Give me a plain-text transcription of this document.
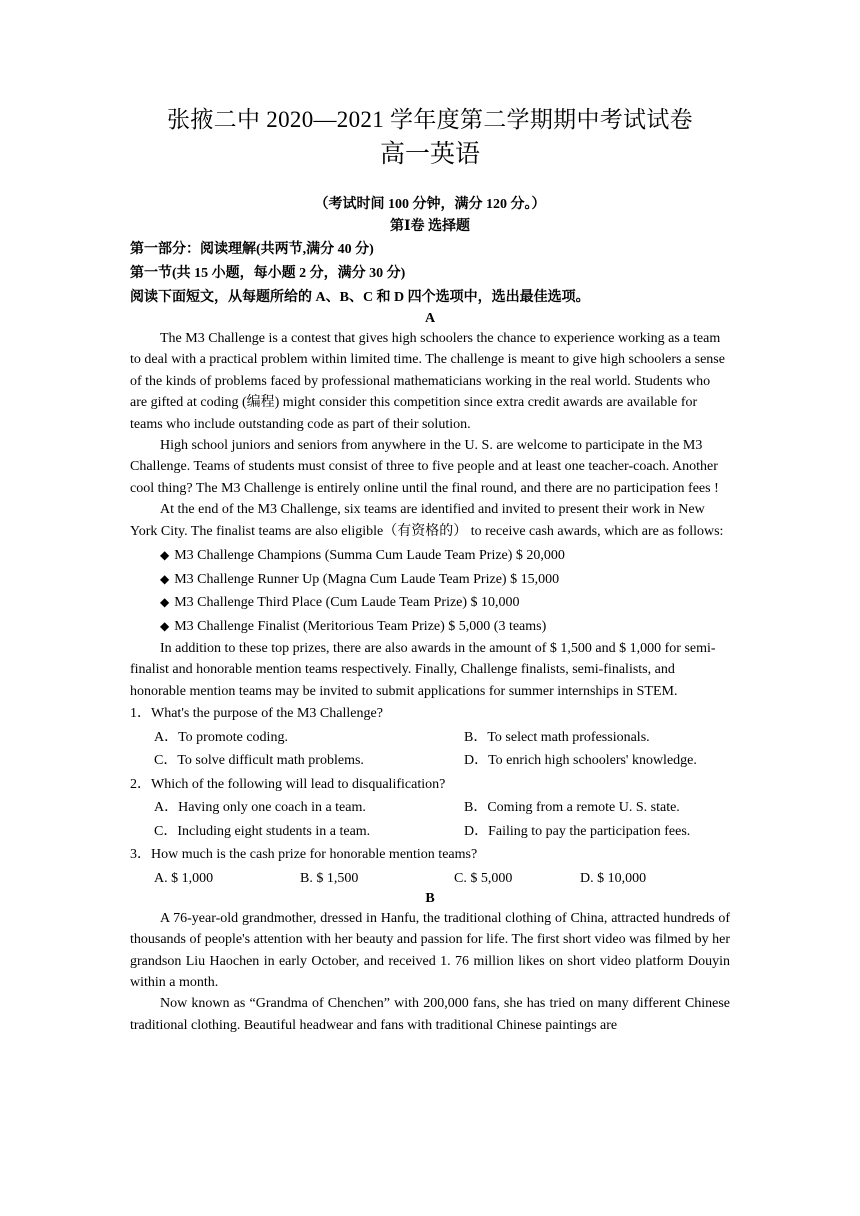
张掖二中 2020—2021 学年度第二学期期中考试试卷
高一英语
（考试时间 100 分钟，满分 120 分。）
第Ⅰ卷 选择题
第一部分：阅读理解(共两节,满分 40 分)
第一节(共 15 小题，每小题 2 分，满分 30 分)
阅读下面短文，从每题所给的 A、B、C 和 D 四个选项中，选出最佳选项。
A

The M3 Challenge is a contest that gives high schoolers the chance to experience working as a team to deal with a practical problem within limited time. The challenge is meant to give high schoolers a sense of the kinds of problems faced by professional mathematicians working in the real world. Students who are gifted at coding (编程) might consider this competition since extra credit awards are available for teams who include outstanding code as part of their solution.

High school juniors and seniors from anywhere in the U. S. are welcome to participate in the M3 Challenge. Teams of students must consist of three to five people and at least one teacher-coach. Another cool thing? The M3 Challenge is entirely online until the final round, and there are no participation fees !

At the end of the M3 Challenge, six teams are identified and invited to present their work in New York City. The finalist teams are also eligible（有资格的） to receive cash awards, which are as follows:

◆ M3 Challenge Champions (Summa Cum Laude Team Prize) $ 20,000
◆ M3 Challenge Runner Up (Magna Cum Laude Team Prize) $ 15,000
◆ M3 Challenge Third Place (Cum Laude Team Prize) $ 10,000
◆ M3 Challenge Finalist (Meritorious Team Prize) $ 5,000 (3 teams)

In addition to these top prizes, there are also awards in the amount of $ 1,500 and $ 1,000 for semi-finalist and honorable mention teams respectively. Finally, Challenge finalists, semi-finalists, and honorable mention teams may be invited to submit applications for summer internships in STEM.

1．What's the purpose of the M3 Challenge?
A．To promote coding.	B．To select math professionals.
C．To solve difficult math problems.	D．To enrich high schoolers' knowledge.
2．Which of the following will lead to disqualification?
A．Having only one coach in a team.	B．Coming from a remote U. S. state.
C．Including eight students in a team.	D．Failing to pay the participation fees.
3．How much is the cash prize for honorable mention teams?
A. $ 1,000	B. $ 1,500	C. $ 5,000	D. $ 10,000
B

A 76-year-old grandmother, dressed in Hanfu, the traditional clothing of China, attracted hundreds of thousands of people's attention with her beauty and passion for life. The first short video was filmed by her grandson Liu Haochen in early October, and received 1. 76 million likes on short video platform Douyin within a month.

Now known as “Grandma of Chenchen” with 200,000 fans, she has tried on many different Chinese traditional clothing. Beautiful headwear and fans with traditional Chinese paintings are
